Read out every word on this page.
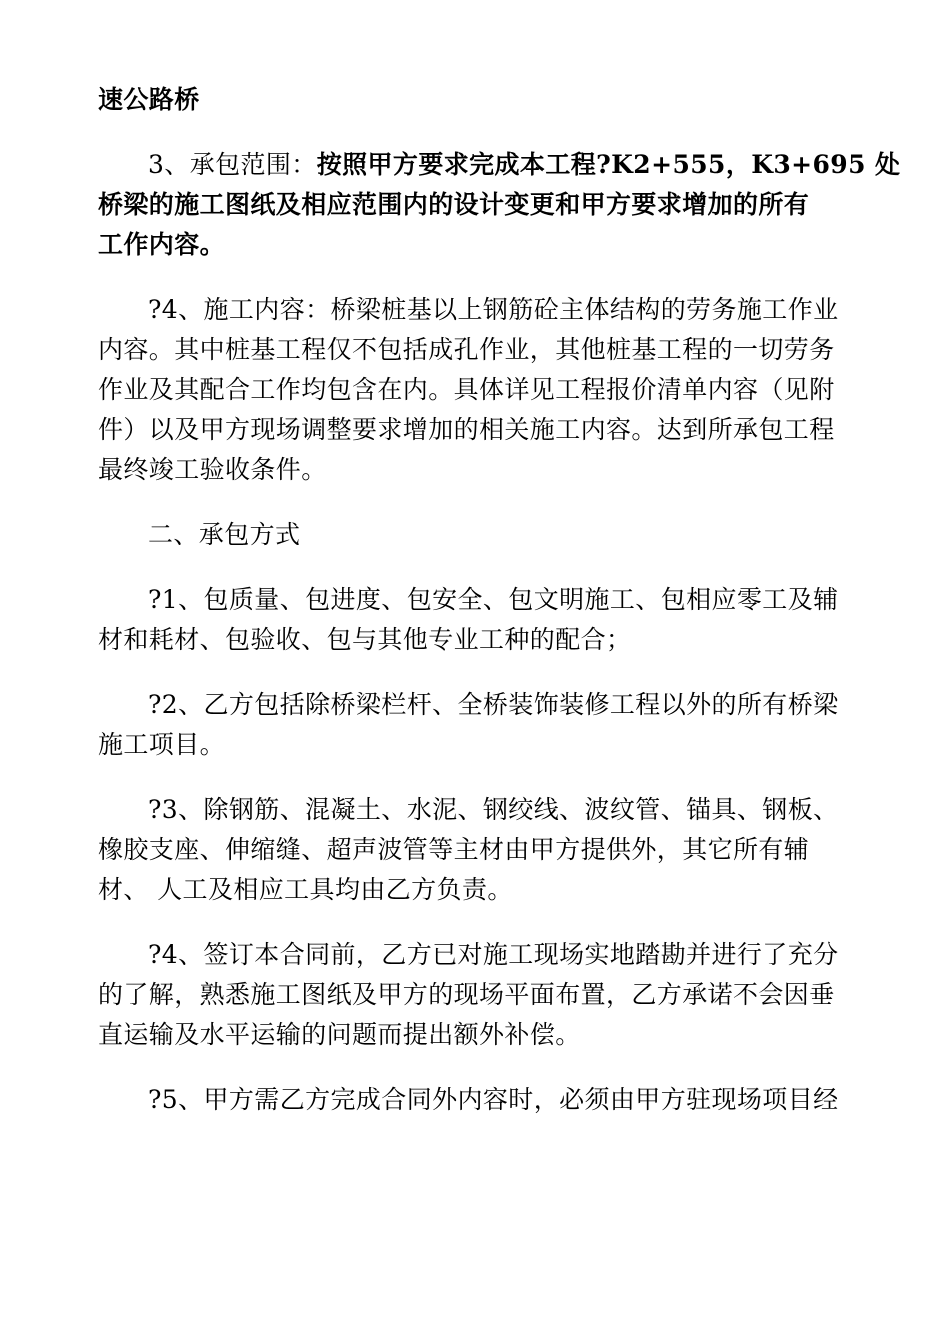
速公路桥
3、承包范围：按照甲方要求完成本工程?K2+555，K3+695 处
桥梁的施工图纸及相应范围内的设计变更和甲方要求增加的所有
工作内容。
?4、施工内容：桥梁桩基以上钢筋砼主体结构的劳务施工作业
内容。其中桩基工程仅不包括成孔作业，其他桩基工程的一切劳务
作业及其配合工作均包含在内。具体详见工程报价清单内容（见附
件）以及甲方现场调整要求增加的相关施工内容。达到所承包工程
最终竣工验收条件。
二、承包方式
?1、包质量、包进度、包安全、包文明施工、包相应零工及辅
材和耗材、包验收、包与其他专业工种的配合；
?2、乙方包括除桥梁栏杆、全桥装饰装修工程以外的所有桥梁
施工项目。
?3、除钢筋、混凝土、水泥、钢绞线、波纹管、锚具、钢板、
橡胶支座、伸缩缝、超声波管等主材由甲方提供外，其它所有辅
材、 人工及相应工具均由乙方负责。
?4、签订本合同前，乙方已对施工现场实地踏勘并进行了充分
的了解，熟悉施工图纸及甲方的现场平面布置，乙方承诺不会因垂
直运输及水平运输的问题而提出额外补偿。
?5、甲方需乙方完成合同外内容时，必须由甲方驻现场项目经
